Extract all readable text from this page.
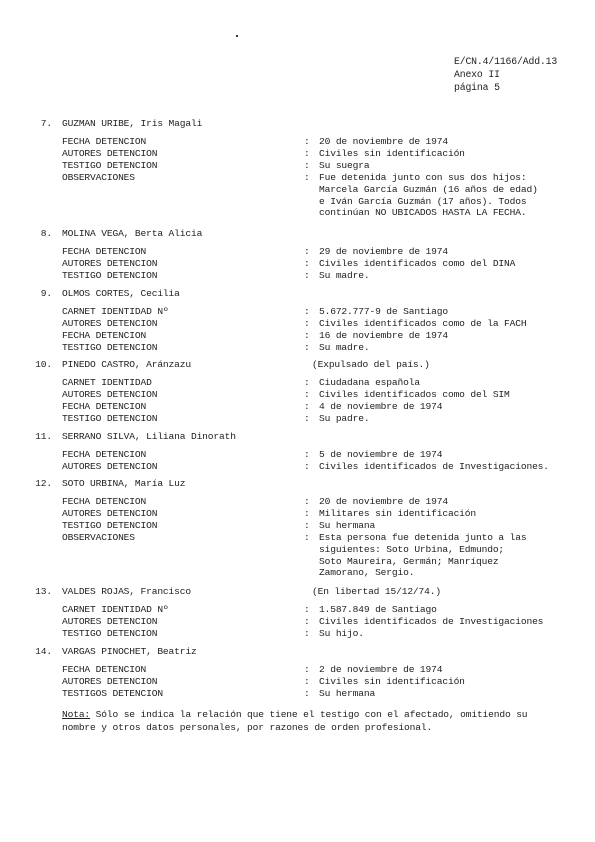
E/CN.4/1166/Add.13
Anexo II
página 5
7. GUZMAN URIBE, Iris Magali
FECHA DETENCION	: 20 de noviembre de 1974
AUTORES DETENCION	: Civiles sin identificación
TESTIGO DETENCION	: Su suegra
OBSERVACIONES	: Fue detenida junto con sus dos hijos:
Marcela García Guzmán (16 años de edad)
e Iván García Guzmán (17 años). Todos
continúan NO UBICADOS HASTA LA FECHA.
8. MOLINA VEGA, Berta Alicia
FECHA DETENCION	: 29 de noviembre de 1974
AUTORES DETENCION	: Civiles identificados como del DINA
TESTIGO DETENCION	: Su madre.
9. OLMOS CORTES, Cecilia
CARNET IDENTIDAD Nº	: 5.672.777-9 de Santiago
AUTORES DETENCION	: Civiles identificados como de la FACH
FECHA DETENCION	: 16 de noviembre de 1974
TESTIGO DETENCION	: Su madre.
10. PINEDO CASTRO, Aránzazu	(Expulsado del país.)
CARNET IDENTIDAD	: Ciudadana española
AUTORES DETENCION	: Civiles identificados como del SIM
FECHA DETENCION	: 4 de noviembre de 1974
TESTIGO DETENCION	: Su padre.
11. SERRANO SILVA, Liliana Dinorath
FECHA DETENCION	: 5 de noviembre de 1974
AUTORES DETENCION	: Civiles identificados de Investigaciones.
12. SOTO URBINA, María Luz
FECHA DETENCION	: 20 de noviembre de 1974
AUTORES DETENCION	: Militares sin identificación
TESTIGO DETENCION	: Su hermana
OBSERVACIONES	: Esta persona fue detenida junto a las
siguientes: Soto Urbina, Edmundo;
Soto Maureira, Germán; Manríquez
Zamorano, Sergio.
13. VALDES ROJAS, Francisco	(En libertad 15/12/74.)
CARNET IDENTIDAD Nº	: 1.587.849 de Santiago
AUTORES DETENCION	: Civiles identificados de Investigaciones
TESTIGO DETENCION	: Su hijo.
14. VARGAS PINOCHET, Beatriz
FECHA DETENCION	: 2 de noviembre de 1974
AUTORES DETENCION	: Civiles sin identificación
TESTIGOS DETENCION	: Su hermana
Nota: Sólo se indica la relación que tiene el testigo con el afectado, omitiendo su
nombre y otros datos personales, por razones de orden profesional.
